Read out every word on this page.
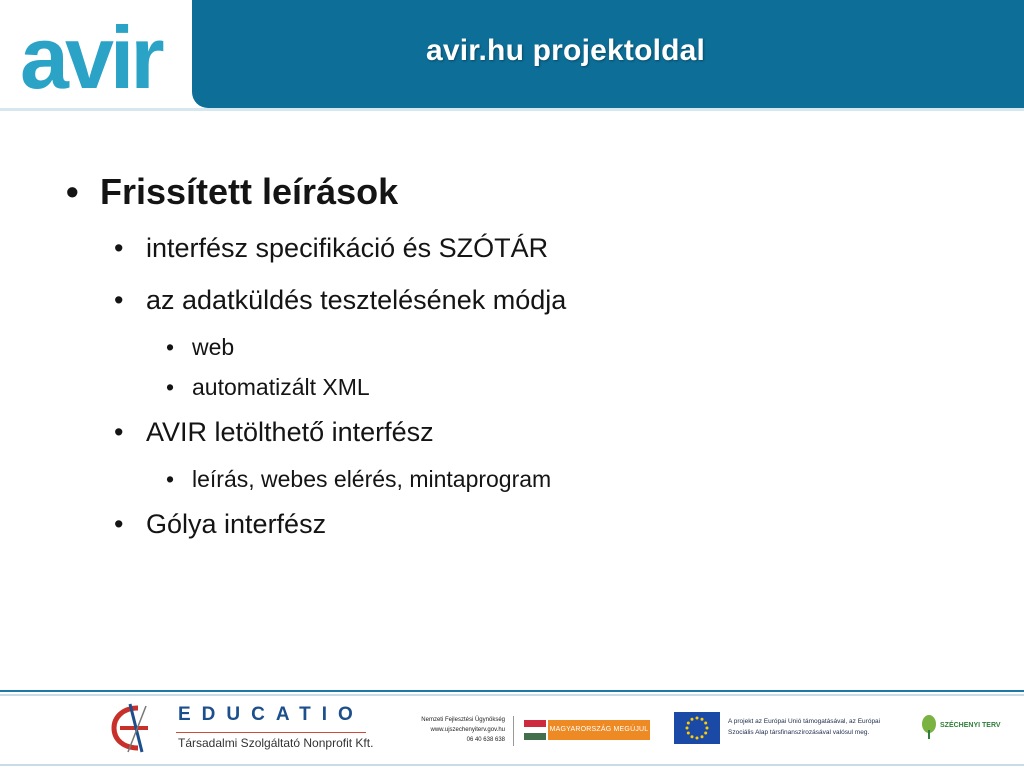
avir	avir.hu projektoldal
• Frissített leírások
• interfész specifikáció és SZÓTÁR
• az adatküldés tesztelésének módja
• web
• automatizált XML
• AVIR letölthető interfész
• leírás, webes elérés, mintaprogram
• Gólya interfész
EDUCATIO
Társadalmi Szolgáltató Nonprofit Kft.
Nemzeti Fejlesztési Ügynökség
www.ujszechenyiterv.gov.hu
06 40 638 638
MAGYARORSZÁG MEGÚJUL
A projekt az Európai Unió támogatásával, az Európai
Szociális Alap társfinanszírozásával valósul meg.
SZÉCHENYI TERV
